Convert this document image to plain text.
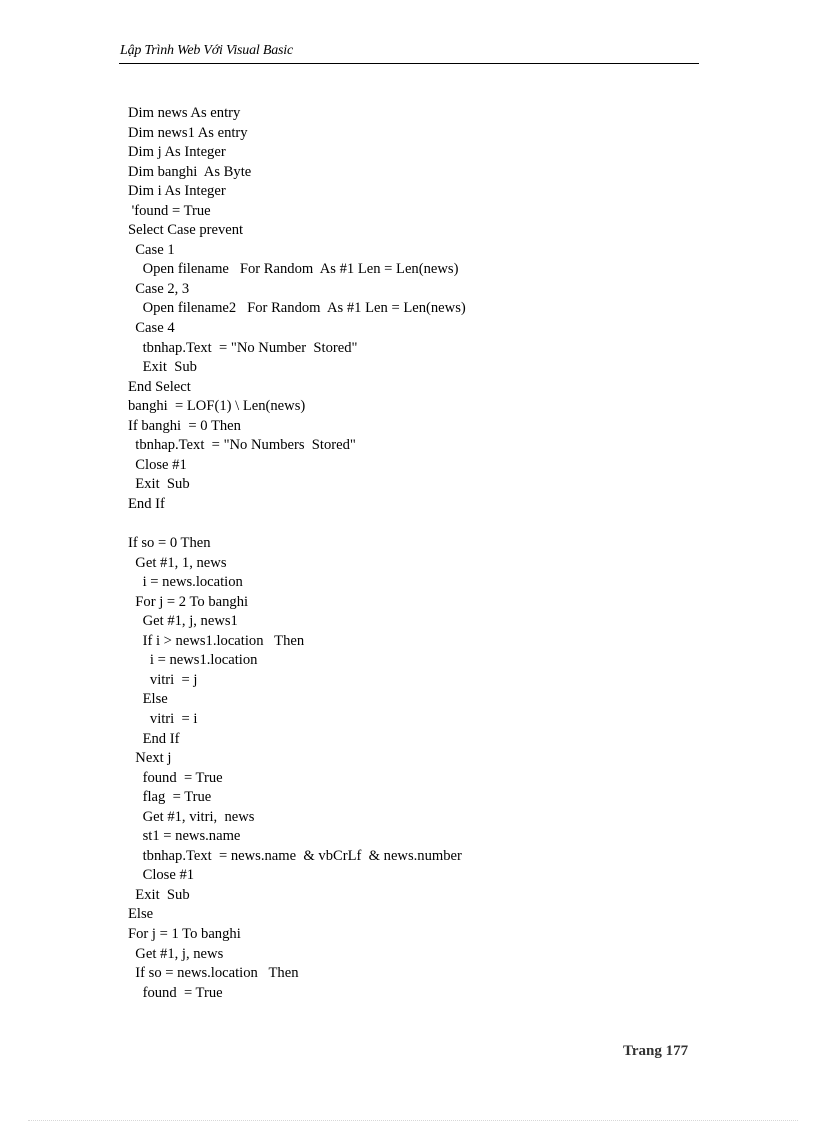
Lập Trình Web Với Visual Basic
Dim news As entry
Dim news1 As entry
Dim j As Integer
Dim banghi  As Byte
Dim i As Integer
'found = True
Select Case prevent
Case 1
Open filename   For Random  As #1 Len = Len(news)
Case 2, 3
Open filename2   For Random  As #1 Len = Len(news)
Case 4
tbnhap.Text  = "No Number  Stored"
Exit  Sub
End Select
banghi  = LOF(1) \ Len(news)
If banghi  = 0 Then
tbnhap.Text  = "No Numbers  Stored"
Close #1
Exit  Sub
End If
If so = 0 Then
Get #1, 1, news
i = news.location
For j = 2 To banghi
Get #1, j, news1
If i > news1.location   Then
i = news1.location
vitri  = j
Else
vitri  = i
End If
Next j
found  = True
flag  = True
Get #1, vitri,  news
st1 = news.name
tbnhap.Text  = news.name  & vbCrLf  & news.number
Close #1
Exit  Sub
Else
For j = 1 To banghi
Get #1, j, news
If so = news.location   Then
found  = True
Trang 177
